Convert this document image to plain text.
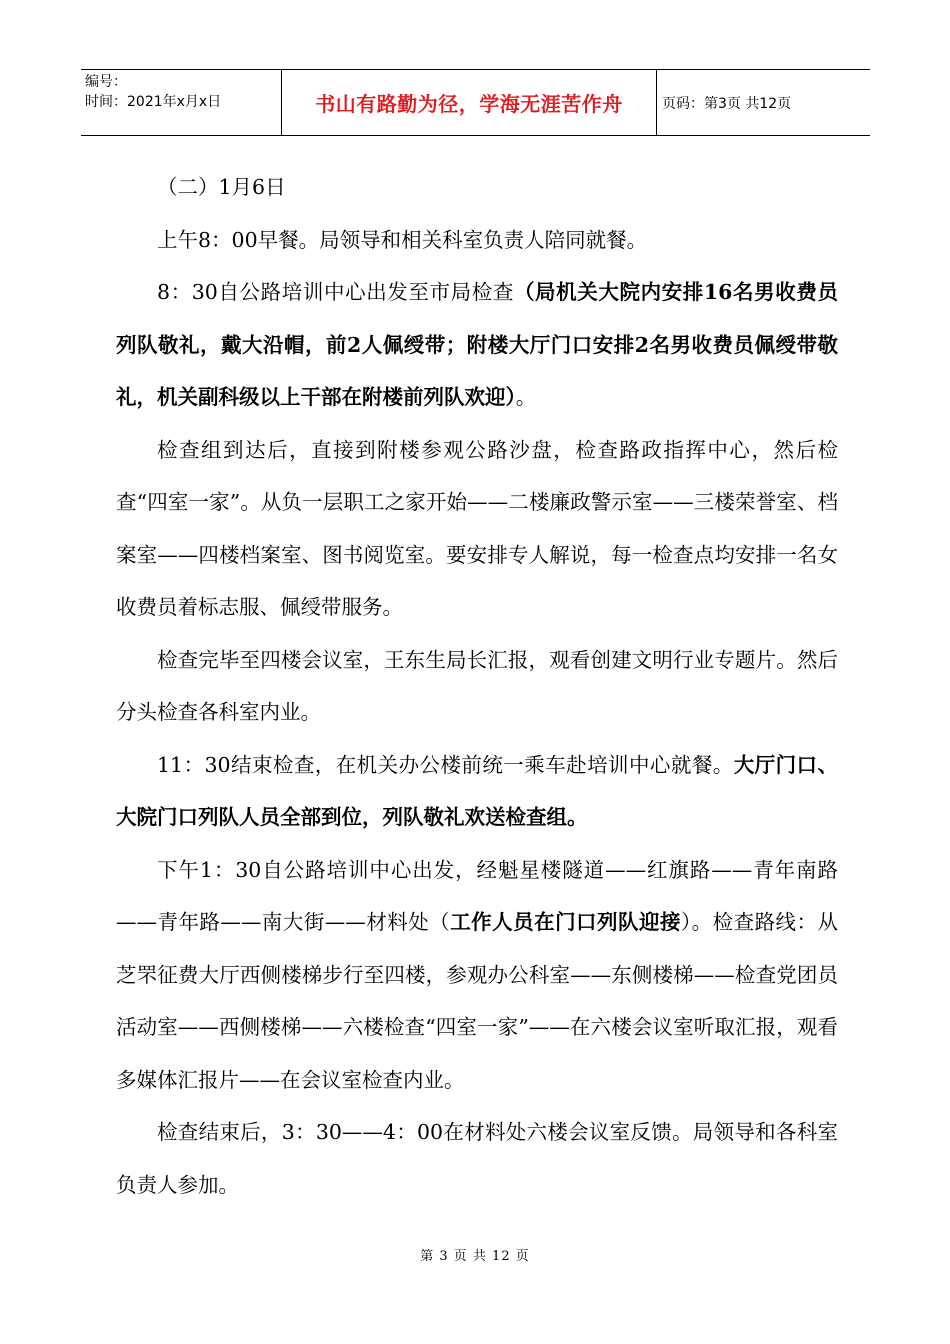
编号：
时间：2021年x月x日	书山有路勤为径，学海无涯苦作舟	页码：第3页 共12页

（二）1月6日

上午8：00早餐。局领导和相关科室负责人陪同就餐。

8：30自公路培训中心出发至市局检查（局机关大院内安排16名男收费员列队敬礼，戴大沿帽，前2人佩绶带；附楼大厅门口安排2名男收费员佩绶带敬礼，机关副科级以上干部在附楼前列队欢迎）。

检查组到达后，直接到附楼参观公路沙盘，检查路政指挥中心，然后检查“四室一家”。从负一层职工之家开始——二楼廉政警示室——三楼荣誉室、档案室——四楼档案室、图书阅览室。要安排专人解说，每一检查点均安排一名女收费员着标志服、佩绶带服务。

检查完毕至四楼会议室，王东生局长汇报，观看创建文明行业专题片。然后分头检查各科室内业。

11：30结束检查，在机关办公楼前统一乘车赴培训中心就餐。大厅门口、大院门口列队人员全部到位，列队敬礼欢送检查组。

下午1：30自公路培训中心出发，经魁星楼隧道——红旗路——青年南路——青年路——南大街——材料处（工作人员在门口列队迎接）。检查路线：从芝罘征费大厅西侧楼梯步行至四楼，参观办公科室——东侧楼梯——检查党团员活动室——西侧楼梯——六楼检查“四室一家”——在六楼会议室听取汇报，观看多媒体汇报片——在会议室检查内业。

检查结束后，3：30——4：00在材料处六楼会议室反馈。局领导和各科室负责人参加。

第 3 页 共 12 页
